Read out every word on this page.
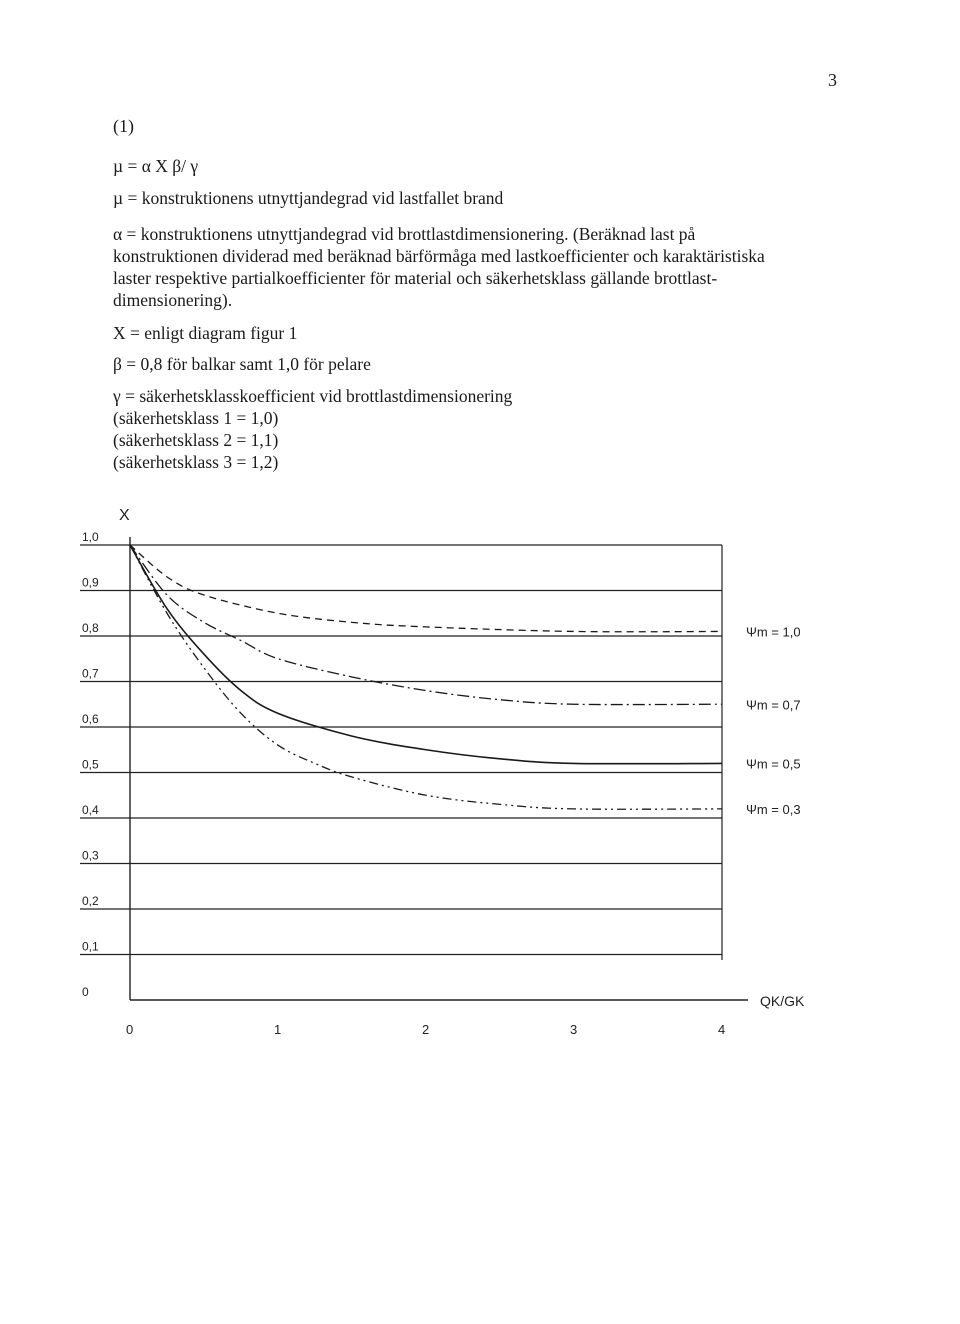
3
(1)
µ = α X β/ γ
µ = konstruktionens utnyttjandegrad vid lastfallet brand
α = konstruktionens utnyttjandegrad vid brottlastdimensionering. (Beräknad last på
konstruktionen dividerad med beräknad bärförmåga med lastkoefficienter och karaktäristiska
laster respektive partialkoefficienter för material och säkerhetsklass gällande brottlast-
dimensionering).
X = enligt diagram figur 1
β = 0,8 för balkar samt 1,0 för pelare
γ = säkerhetsklasskoefficient vid brottlastdimensionering
(säkerhetsklass 1 = 1,0)
(säkerhetsklass 2 = 1,1)
(säkerhetsklass 3 = 1,2)
1,0
0,9
0,8
0,7
0,6
0,5
0,4
0,3
0,2
0,1
0
0	1	2	3	4
X
QK/GK
Ψm = 1,0
Ψm = 0,7
Ψm = 0,5
Ψm = 0,3
